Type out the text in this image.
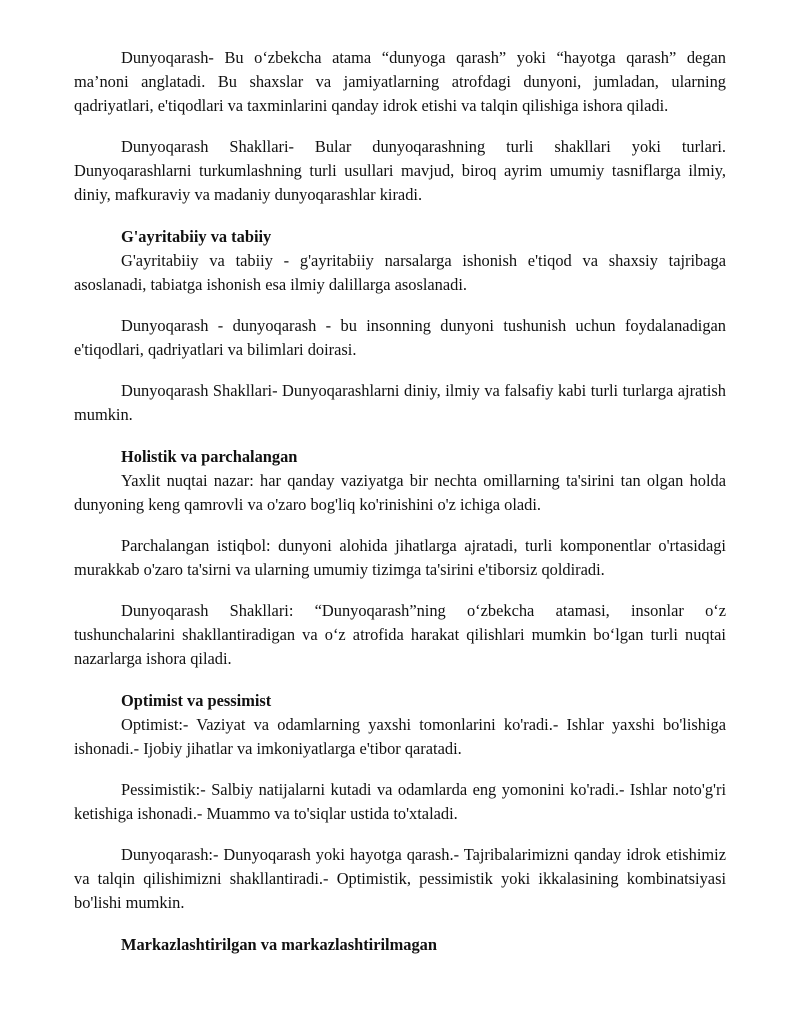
Dunyoqarash- Bu o‘zbekcha atama “dunyoga qarash” yoki “hayotga qarash” degan ma’noni anglatadi. Bu shaxslar va jamiyatlarning atrofdagi dunyoni, jumladan, ularning qadriyatlari, e'tiqodlari va taxminlarini qanday idrok etishi va talqin qilishiga ishora qiladi.

Dunyoqarash Shakllari- Bular dunyoqarashning turli shakllari yoki turlari. Dunyoqarashlarni turkumlashning turli usullari mavjud, biroq ayrim umumiy tasniflarga ilmiy, diniy, mafkuraviy va madaniy dunyoqarashlar kiradi.

G'ayritabiiy va tabiiy

G'ayritabiiy va tabiiy - g'ayritabiiy narsalarga ishonish e'tiqod va shaxsiy tajribaga asoslanadi, tabiatga ishonish esa ilmiy dalillarga asoslanadi.

Dunyoqarash - dunyoqarash - bu insonning dunyoni tushunish uchun foydalanadigan e'tiqodlari, qadriyatlari va bilimlari doirasi.

Dunyoqarash Shakllari- Dunyoqarashlarni diniy, ilmiy va falsafiy kabi turli turlarga ajratish mumkin.

Holistik va parchalangan

Yaxlit nuqtai nazar: har qanday vaziyatga bir nechta omillarning ta'sirini tan olgan holda dunyoning keng qamrovli va o'zaro bog'liq ko'rinishini o'z ichiga oladi.

Parchalangan istiqbol: dunyoni alohida jihatlarga ajratadi, turli komponentlar o'rtasidagi murakkab o'zaro ta'sirni va ularning umumiy tizimga ta'sirini e'tiborsiz qoldiradi.

Dunyoqarash Shakllari: “Dunyoqarash”ning o‘zbekcha atamasi, insonlar o‘z tushunchalarini shakllantiradigan va o‘z atrofida harakat qilishlari mumkin bo‘lgan turli nuqtai nazarlarga ishora qiladi.

Optimist va pessimist

Optimist:- Vaziyat va odamlarning yaxshi tomonlarini ko'radi.- Ishlar yaxshi bo'lishiga ishonadi.- Ijobiy jihatlar va imkoniyatlarga e'tibor qaratadi.

Pessimistik:- Salbiy natijalarni kutadi va odamlarda eng yomonini ko'radi.- Ishlar noto'g'ri ketishiga ishonadi.- Muammo va to'siqlar ustida to'xtaladi.

Dunyoqarash:- Dunyoqarash yoki hayotga qarash.- Tajribalarimizni qanday idrok etishimiz va talqin qilishimizni shakllantiradi.- Optimistik, pessimistik yoki ikkalasining kombinatsiyasi bo'lishi mumkin.

Markazlashtirilgan va markazlashtirilmagan
